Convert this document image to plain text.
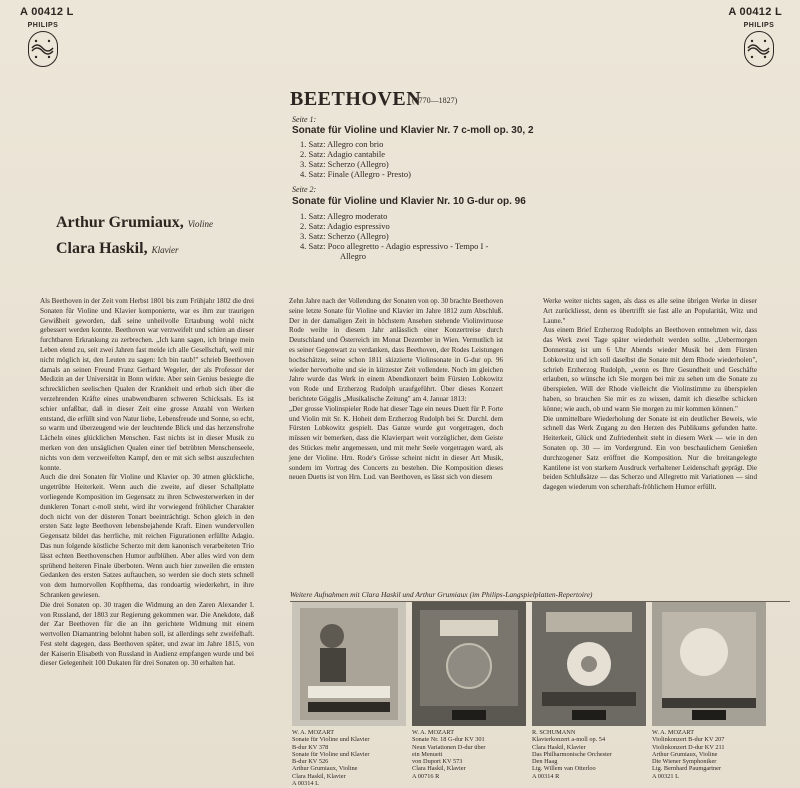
A 00412 L	A 00412 L
PHILIPS	PHILIPS
BEETHOVEN
(1770—1827)
Seite 1:
Sonate für Violine und Klavier Nr. 7 c-moll op. 30, 2
1. Satz: Allegro con brio
2. Satz: Adagio cantabile
3. Satz: Scherzo (Allegro)
4. Satz: Finale (Allegro - Presto)
Seite 2:
Sonate für Violine und Klavier Nr. 10 G-dur op. 96
1. Satz: Allegro moderato
2. Satz: Adagio espressivo
3. Satz: Scherzo (Allegro)
4. Satz: Poco allegretto - Adagio espressivo - Tempo I -
Allegro
Arthur Grumiaux, Violine
Clara Haskil, Klavier

Als Beethoven in der Zeit vom Herbst 1801 bis zum Frühjahr 1802 die drei Sonaten für Violine und Klavier komponierte, war es ihm zur traurigen Gewißheit geworden, daß seine unheilvolle Ertaubung wohl nicht gebessert werden konnte. Beethoven war verzweifelt und schien an dieser furchtbaren Erkrankung zu zerbrechen. „Ich kann sagen, ich bringe mein Leben elend zu, seit zwei Jahren fast meide ich alle Gesellschaft, weil mir nicht möglich ist, den Leuten zu sagen: Ich bin taub!" schrieb Beethoven damals an seinen Freund Franz Gerhard Wegeler, der als Professor der Medizin an der Universität in Bonn wirkte. Aber sein Genius besiegte die schrecklichen seelischen Qualen der Krankheit und erhob sich über die verzehrenden Kräfte eines unabwendbaren schweren Schicksals. Es ist schier unfaßbar, daß in dieser Zeit eine grosse Anzahl von Werken entstand, die erfüllt sind von Natur liebe, Lebensfreude und Sonne, so echt, so warm und überzeugend wie der leuchtende Blick und das herzensfrohe Lächeln eines glücklichen Menschen. Fast nichts ist in dieser Musik zu merken von den unsäglichen Qualen einer tief betrübten Menschenseele, nichts von dem verzweifelten Kampf, den er mit sich selbst auszufechten konnte.

Auch die drei Sonaten für Violine und Klavier op. 30 atmen glückliche, ungetrübte Heiterkeit. Wenn auch die zweite, auf dieser Schallplatte vorliegende Komposition im Gegensatz zu ihren Schwesterwerken in der dunkleren Tonart c-moll steht, wird ihr vorwiegend fröhlicher Charakter doch nicht von der düsteren Tonart beeinträchtigt. Schon gleich in den ersten Satz legte Beethoven lebensbejahende Kraft. Einen wundervollen Gegensatz bildet das herrliche, mit reichen Figurationen erfüllte Adagio. Das nun folgende köstliche Scherzo mit dem kanonisch verarbeiteten Trio lässt echten Beethovenschen Humor aufblühen. Aber alles wird von dem sprühend heiteren Finale überboten. Wenn auch hier zuweilen die ernsten Gedanken des ersten Satzes auftauchen, so werden sie doch stets schnell von dem humorvollen Kopfthema, das rondoartig wiederkehrt, in ihre Schranken gewiesen.

Die drei Sonaten op. 30 tragen die Widmung an den Zaren Alexander I. von Russland, der 1803 zur Regierung gekommen war. Die Anekdote, daß der Zar Beethoven für die an ihn gerichtete Widmung mit einem wertvollen Diamantring belohnt haben soll, ist allerdings sehr zweifelhaft. Fest steht dagegen, dass Beethoven später, und zwar im Jahre 1815, von der Kaiserin Elisabeth von Russland in Audienz empfangen wurde und bei dieser Gelegenheit 100 Dukaten für drei Sonaten op. 30 erhalten hat.

Zehn Jahre nach der Vollendung der Sonaten von op. 30 brachte Beethoven seine letzte Sonate für Violine und Klavier im Jahre 1812 zum Abschluß. Der in der damaligen Zeit in höchstem Ansehen stehende Violinvirtuose Rode weilte in diesem Jahr anlässlich einer Konzertreise durch Deutschland und Österreich im Monat Dezember in Wien. Vermutlich ist es seiner Gegenwart zu verdanken, dass Beethoven, der Rodes Leistungen hochschätzte, seine schon 1811 skizzierte Violinsonate in G-dur op. 96 wieder hervorholte und sie in kürzester Zeit vollendete. Noch im gleichen Jahre wurde das Werk in einem Abendkonzert beim Fürsten Lobkowitz von Rode und Erzherzog Rudolph uraufgeführt. Über dieses Konzert berichtete Gögglis „Musikalische Zeitung" am 4. Januar 1813:

„Der grosse Violinspieler Rode hat dieser Tage ein neues Duett für P. Forte und Violin mit Sr. K. Hoheit dem Erzherzog Rudolph bei Sr. Durchl. dem Fürsten Lobkowitz gespielt. Das Ganze wurde gut vorgetragen, doch müssen wir bemerken, dass die Klavierpart weit vorzüglicher, dem Geiste des Stückes mehr angemessen, und mit mehr Seele vorgetragen ward, als jene der Violine. Hrn. Rode's Grösse scheint nicht in dieser Art Musik, sondern im Vortrag des Concerts zu bestehen. Die Komposition dieses neuen Duetts ist von Hrn. Lud. van Beethoven, es lässt sich von diesem

Werke weiter nichts sagen, als dass es alle seine übrigen Werke in dieser Art zurückliesst, denn es übertrifft sie fast alle an Popularität, Witz und Laune."

Aus einem Brief Erzherzog Rudolphs an Beethoven entnehmen wir, dass das Werk zwei Tage später wiederholt werden sollte. „Uebermorgen Donnerstag ist um 6 Uhr Abends wieder Musik bei dem Fürsten Lobkowitz und ich soll daselbst die Sonate mit dem Rhode wiederholen", schrieb Erzherzog Rudolph, „wenn es Ihre Gesundheit und Geschäfte erlauben, so wünsche ich Sie morgen bei mir zu sehen um die Sonate zu überspielen. Will der Rhode vielleicht die Violinstimme zu überspielen haben, so brauchen Sie mir es zu wissen, damit ich dieselbe schicken könne; wie auch, ob und wann Sie morgen zu mir kommen können."

Die unmittelbare Wiederholung der Sonate ist ein deutlicher Beweis, wie schnell das Werk Zugang zu den Herzen des Publikums gefunden hatte. Heiterkeit, Glück und Zufriedenheit steht in diesem Werk — wie in den Sonaten op. 30 — im Vordergrund. Ein von beschaulichem Genießen durchzogener Satz eröffnet die Komposition. Nur die breitangelegte Kantilene ist von starkem Ausdruck verhaltener Leidenschaft geprägt. Die beiden Schlußsätze — das Scherzo und Allegretto mit Variationen — sind dagegen wiederum von scherzhaft-fröhlichem Humor erfüllt.

Weitere Aufnahmen mit Clara Haskil und Arthur Grumiaux (im Philips-Langspielplatten-Repertoire)
W. A. MOZART
Sonate für Violine und Klavier
B-dur KV 378
Sonate für Violine und Klavier
B-dur KV 526
Arthur Grumiaux, Violine
Clara Haskil, Klavier
A 00314 L
W. A. MOZART
Sonate Nr. 18 G-dur KV 301
Neun Variationen D-dur über
ein Menuett
von Duport KV 573
Clara Haskil, Klavier
A 00716 R
R. SCHUMANN
Klavierkonzert a-moll op. 54
Clara Haskil, Klavier
Das Philharmonische Orchester
Den Haag
Ltg. Willem van Otterloo
A 00314 R
W. A. MOZART
Violinkonzert B-dur KV 207
Violinkonzert D-dur KV 211
Arthur Grumiaux, Violine
Die Wiener Symphoniker
Ltg. Bernhard Paumgartner
A 00321 L
